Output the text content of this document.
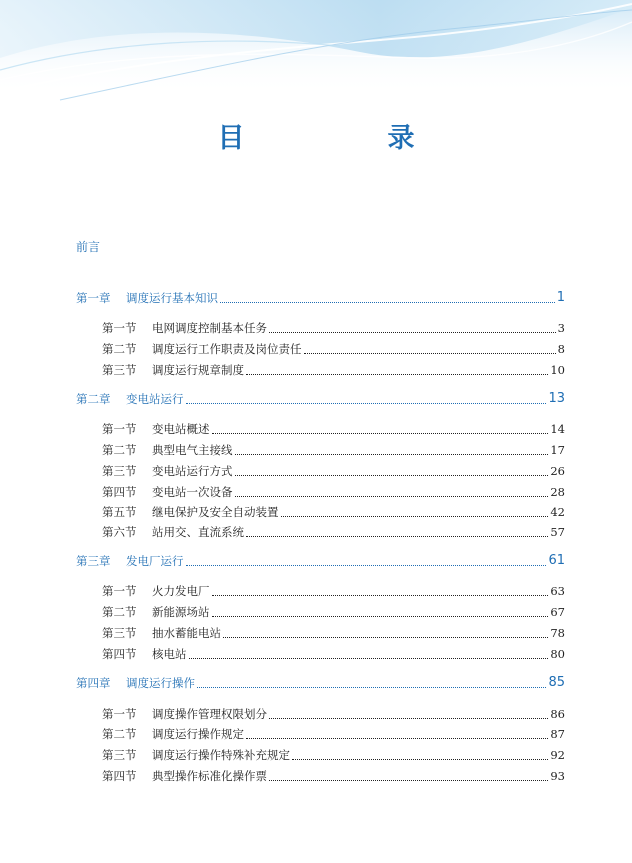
目　录
前言
第一章	调度运行基本知识	1
第一节	电网调度控制基本任务	3
第二节	调度运行工作职责及岗位责任	8
第三节	调度运行规章制度	10
第二章	变电站运行	13
第一节	变电站概述	14
第二节	典型电气主接线	17
第三节	变电站运行方式	26
第四节	变电站一次设备	28
第五节	继电保护及安全自动装置	42
第六节	站用交、直流系统	57
第三章	发电厂运行	61
第一节	火力发电厂	63
第二节	新能源场站	67
第三节	抽水蓄能电站	78
第四节	核电站	80
第四章	调度运行操作	85
第一节	调度操作管理权限划分	86
第二节	调度运行操作规定	87
第三节	调度运行操作特殊补充规定	92
第四节	典型操作标准化操作票	93
